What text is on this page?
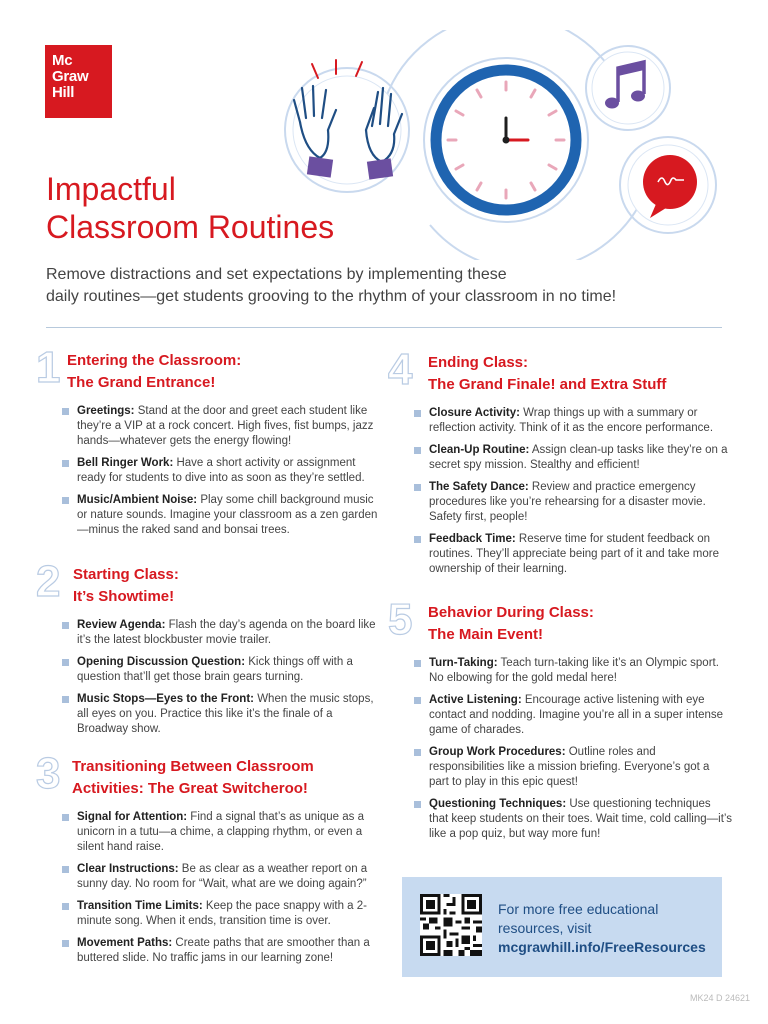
Mc
Graw
Hill
Impactful
Classroom Routines
Remove distractions and set expectations by implementing these
daily routines—get students grooving to the rhythm of your classroom in no time!
1 Entering the Classroom:
The Grand Entrance!
Greetings: Stand at the door and greet each student like they’re a VIP at a rock concert. High fives, fist bumps, jazz hands—whatever gets the energy flowing!
Bell Ringer Work: Have a short activity or assignment ready for students to dive into as soon as they’re settled.
Music/Ambient Noise: Play some chill background music or nature sounds. Imagine your classroom as a zen garden—minus the raked sand and bonsai trees.
2 Starting Class:
It’s Showtime!
Review Agenda: Flash the day’s agenda on the board like it’s the latest blockbuster movie trailer.
Opening Discussion Question: Kick things off with a question that’ll get those brain gears turning.
Music Stops—Eyes to the Front: When the music stops, all eyes on you. Practice this like it’s the finale of a Broadway show.
3 Transitioning Between Classroom
Activities: The Great Switcheroo!
Signal for Attention: Find a signal that’s as unique as a unicorn in a tutu—a chime, a clapping rhythm, or even a silent hand raise.
Clear Instructions: Be as clear as a weather report on a sunny day. No room for “Wait, what are we doing again?”
Transition Time Limits: Keep the pace snappy with a 2-minute song. When it ends, transition time is over.
Movement Paths: Create paths that are smoother than a buttered slide. No traffic jams in our learning zone!
4 Ending Class:
The Grand Finale! and Extra Stuff
Closure Activity: Wrap things up with a summary or reflection activity. Think of it as the encore performance.
Clean-Up Routine: Assign clean-up tasks like they’re on a secret spy mission. Stealthy and efficient!
The Safety Dance: Review and practice emergency procedures like you’re rehearsing for a disaster movie. Safety first, people!
Feedback Time: Reserve time for student feedback on routines. They’ll appreciate being part of it and take more ownership of their learning.
5 Behavior During Class:
The Main Event!
Turn-Taking: Teach turn-taking like it’s an Olympic sport. No elbowing for the gold medal here!
Active Listening: Encourage active listening with eye contact and nodding. Imagine you’re all in a super intense game of charades.
Group Work Procedures: Outline roles and responsibilities like a mission briefing. Everyone’s got a part to play in this epic quest!
Questioning Techniques: Use questioning techniques that keep students on their toes. Wait time, cold calling—it’s like a pop quiz, but way more fun!
For more free educational
resources, visit
mcgrawhill.info/FreeResources
MK24 D 24621
